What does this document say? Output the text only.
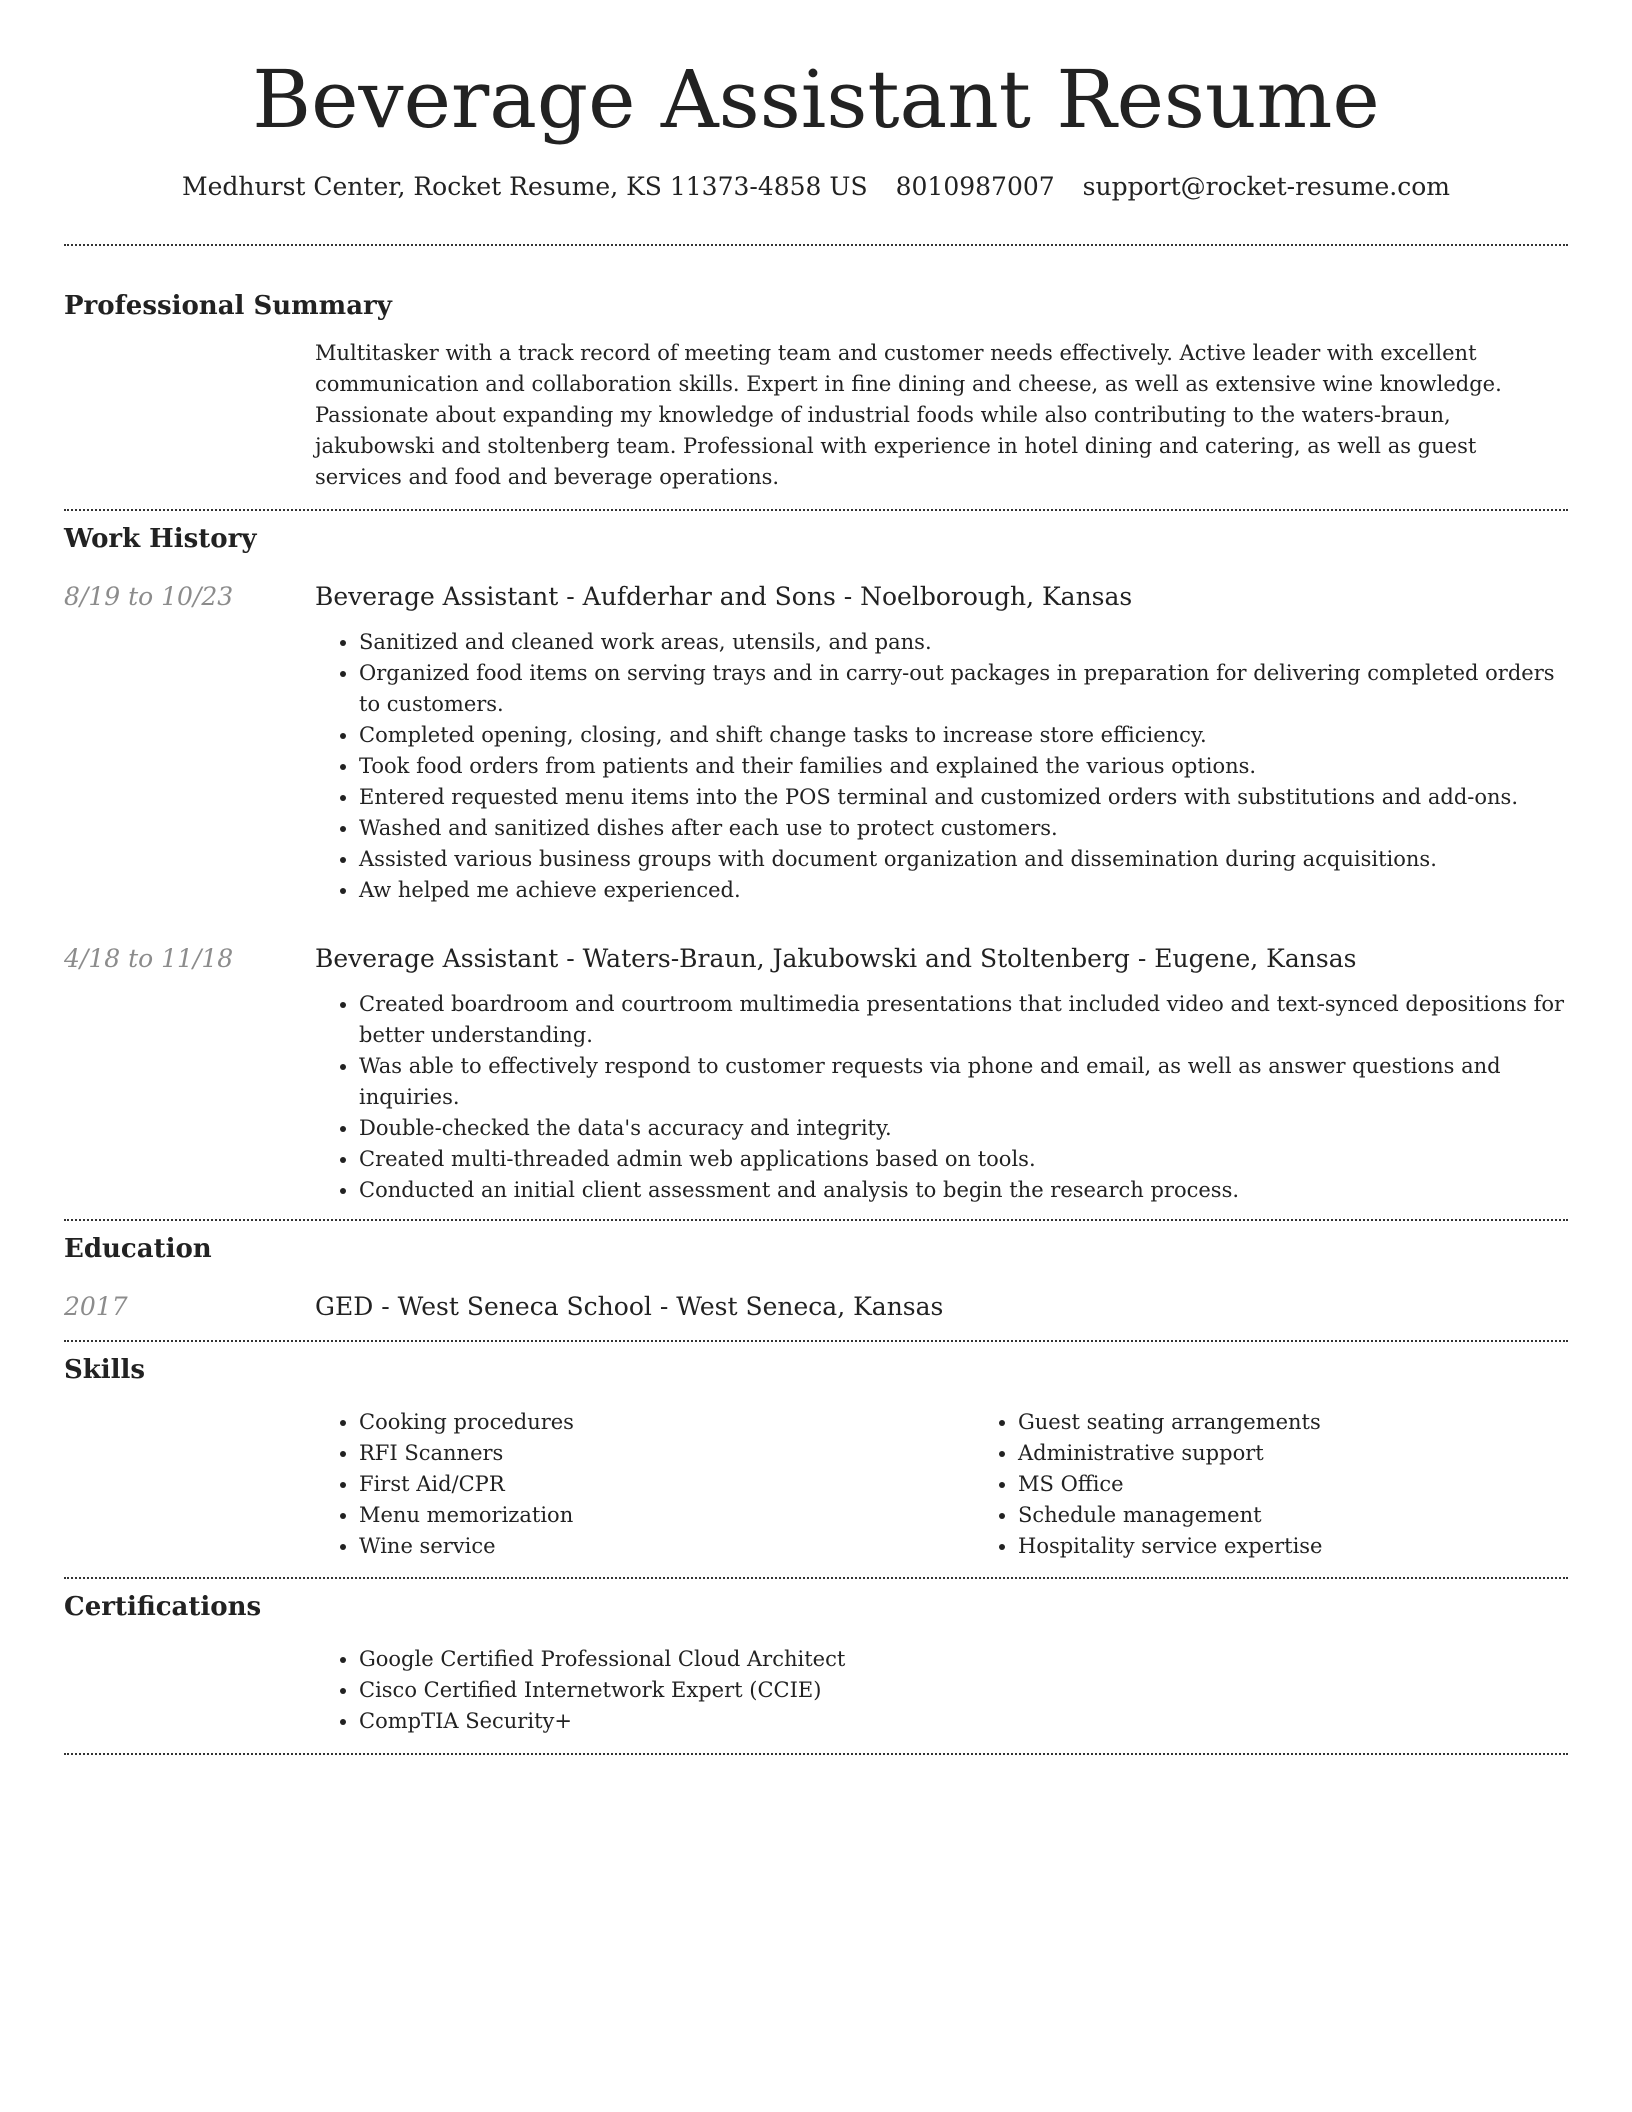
Beverage Assistant Resume
Medhurst Center, Rocket Resume, KS 11373-4858 US 8010987007 support@rocket-resume.com
Professional Summary

Multitasker with a track record of meeting team and customer needs effectively. Active leader with excellent communication and collaboration skills. Expert in fine dining and cheese, as well as extensive wine knowledge. Passionate about expanding my knowledge of industrial foods while also contributing to the waters-braun, jakubowski and stoltenberg team. Professional with experience in hotel dining and catering, as well as guest services and food and beverage operations.

Work History
8/19 to 10/23	Beverage Assistant - Aufderhar and Sons - Noelborough, Kansas

• Sanitized and cleaned work areas, utensils, and pans.
• Organized food items on serving trays and in carry-out packages in preparation for delivering completed orders to customers.
• Completed opening, closing, and shift change tasks to increase store efficiency.
• Took food orders from patients and their families and explained the various options.
• Entered requested menu items into the POS terminal and customized orders with substitutions and add-ons.
• Washed and sanitized dishes after each use to protect customers.
• Assisted various business groups with document organization and dissemination during acquisitions.
• Aw helped me achieve experienced.
4/18 to 11/18	Beverage Assistant - Waters-Braun, Jakubowski and Stoltenberg - Eugene, Kansas

• Created boardroom and courtroom multimedia presentations that included video and text-synced depositions for better understanding.
• Was able to effectively respond to customer requests via phone and email, as well as answer questions and inquiries.
• Double-checked the data's accuracy and integrity.
• Created multi-threaded admin web applications based on tools.
• Conducted an initial client assessment and analysis to begin the research process.
Education
2017	GED - West Seneca School - West Seneca, Kansas

Skills
• Cooking procedures
• RFI Scanners
• First Aid/CPR
• Menu memorization
• Wine service
• Guest seating arrangements
• Administrative support
• MS Office
• Schedule management
• Hospitality service expertise
Certifications
• Google Certified Professional Cloud Architect
• Cisco Certified Internetwork Expert (CCIE)
• CompTIA Security+
